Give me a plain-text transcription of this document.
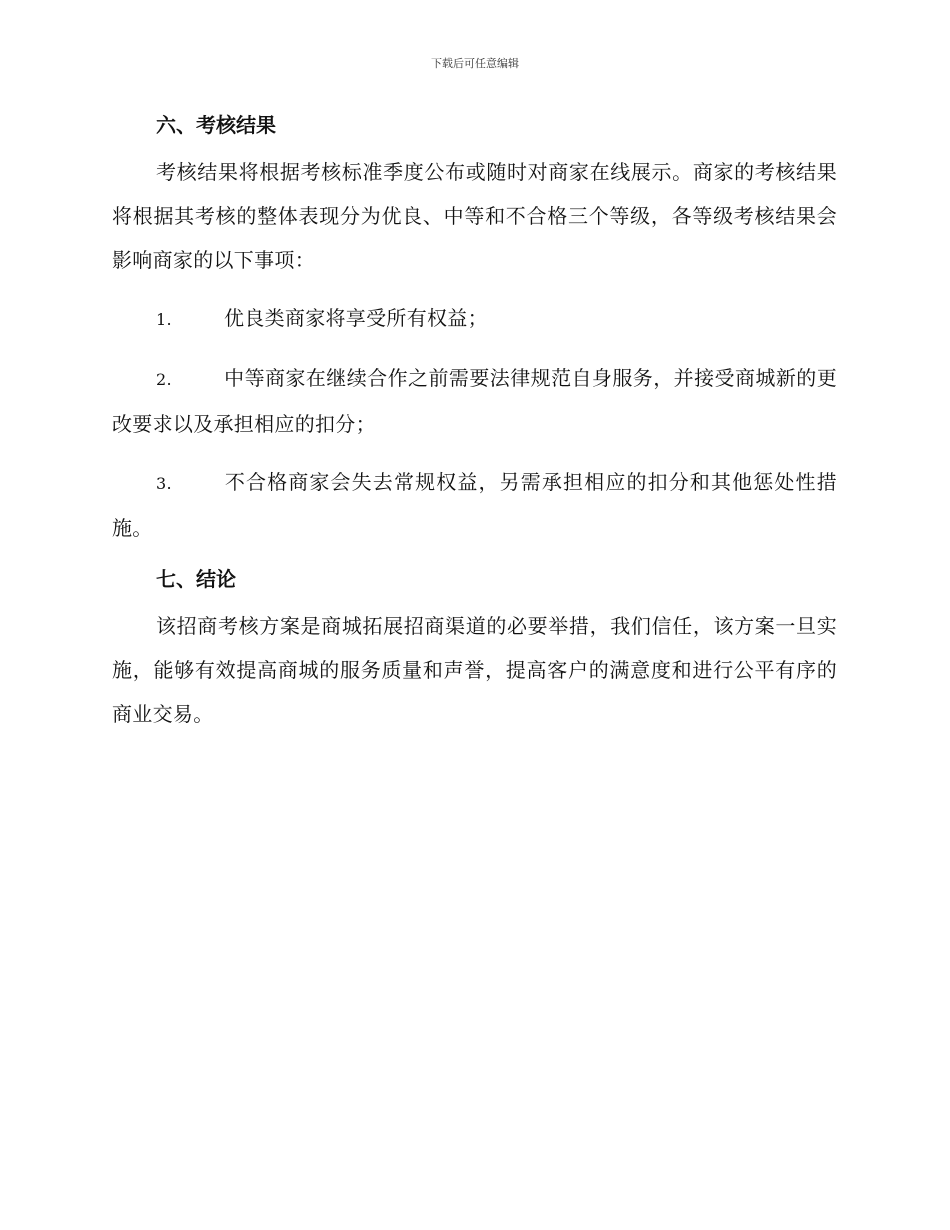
下载后可任意编辑
六、考核结果

考核结果将根据考核标准季度公布或随时对商家在线展示。商家的考核结果将根据其考核的整体表现分为优良、中等和不合格三个等级，各等级考核结果会影响商家的以下事项：

1.	优良类商家将享受所有权益；

2.	中等商家在继续合作之前需要法律规范自身服务，并接受商城新的更改要求以及承担相应的扣分；

3.	不合格商家会失去常规权益，另需承担相应的扣分和其他惩处性措施。

七、结论

该招商考核方案是商城拓展招商渠道的必要举措，我们信任，该方案一旦实施，能够有效提高商城的服务质量和声誉，提高客户的满意度和进行公平有序的商业交易。
